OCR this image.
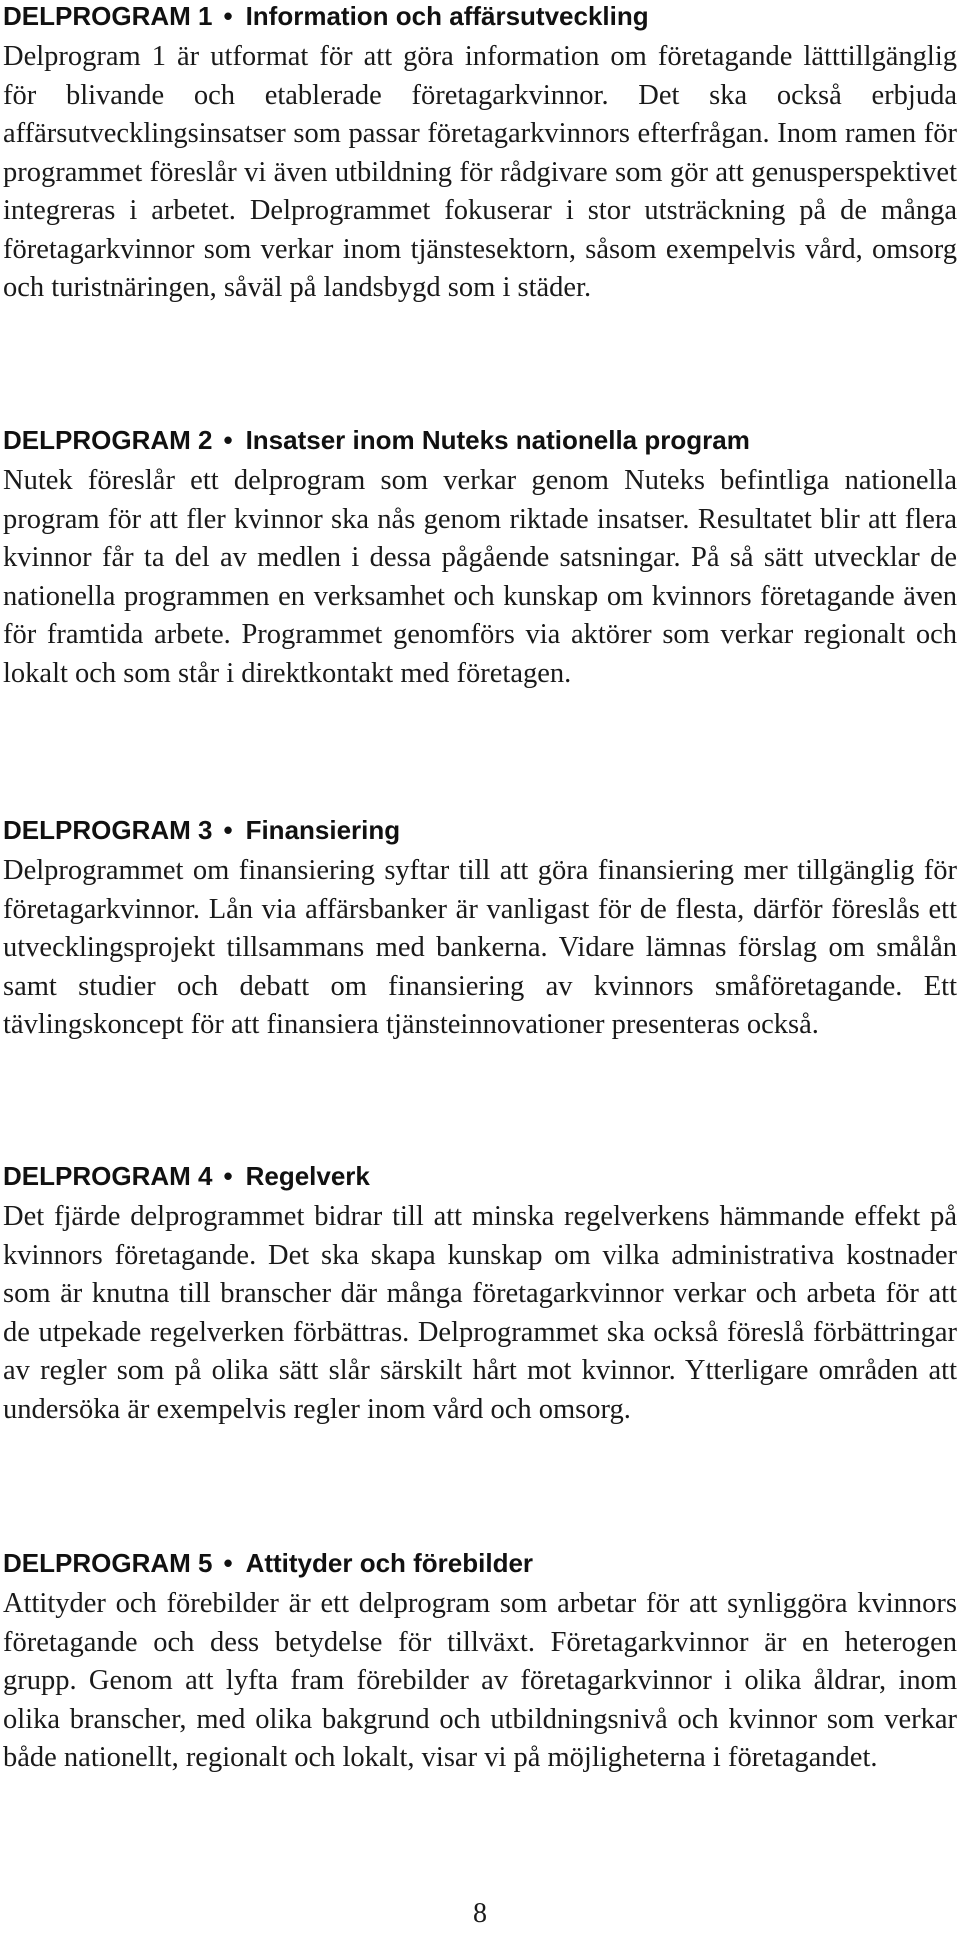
DELPROGRAM 1 • Information och affärsutveckling

Delprogram 1 är utformat för att göra information om företagande lätttillgänglig för blivande och etablerade företagarkvinnor. Det ska också erbjuda affärsutvecklingsinsatser som passar företagarkvinnors efterfrågan. Inom ramen för programmet föreslår vi även utbildning för rådgivare som gör att genusperspektivet integreras i arbetet. Delprogrammet fokuserar i stor utsträckning på de många företagarkvinnor som verkar inom tjänstesektorn, såsom exempelvis vård, omsorg och turistnäringen, såväl på landsbygd som i städer.

DELPROGRAM 2 • Insatser inom Nuteks nationella program

Nutek föreslår ett delprogram som verkar genom Nuteks befintliga nationella program för att fler kvinnor ska nås genom riktade insatser. Resultatet blir att flera kvinnor får ta del av medlen i dessa pågående satsningar. På så sätt utvecklar de nationella programmen en verksamhet och kunskap om kvinnors företagande även för framtida arbete. Programmet genomförs via aktörer som verkar regionalt och lokalt och som står i direktkontakt med företagen.

DELPROGRAM 3 • Finansiering

Delprogrammet om finansiering syftar till att göra finansiering mer tillgänglig för företagarkvinnor. Lån via affärsbanker är vanligast för de flesta, därför föreslås ett utvecklingsprojekt tillsammans med bankerna. Vidare lämnas förslag om smålån samt studier och debatt om finansiering av kvinnors småföretagande. Ett tävlingskoncept för att finansiera tjänsteinnovationer presenteras också.

DELPROGRAM 4 • Regelverk

Det fjärde delprogrammet bidrar till att minska regelverkens hämmande effekt på kvinnors företagande. Det ska skapa kunskap om vilka administrativa kostnader som är knutna till branscher där många företagarkvinnor verkar och arbeta för att de utpekade regelverken förbättras. Delprogrammet ska också föreslå förbättringar av regler som på olika sätt slår särskilt hårt mot kvinnor. Ytterligare områden att undersöka är exempelvis regler inom vård och omsorg.

DELPROGRAM 5 • Attityder och förebilder

Attityder och förebilder är ett delprogram som arbetar för att synliggöra kvinnors företagande och dess betydelse för tillväxt. Företagarkvinnor är en heterogen grupp. Genom att lyfta fram förebilder av företagarkvinnor i olika åldrar, inom olika branscher, med olika bakgrund och utbildningsnivå och kvinnor som verkar både nationellt, regionalt och lokalt, visar vi på möjligheterna i företagandet.

8
